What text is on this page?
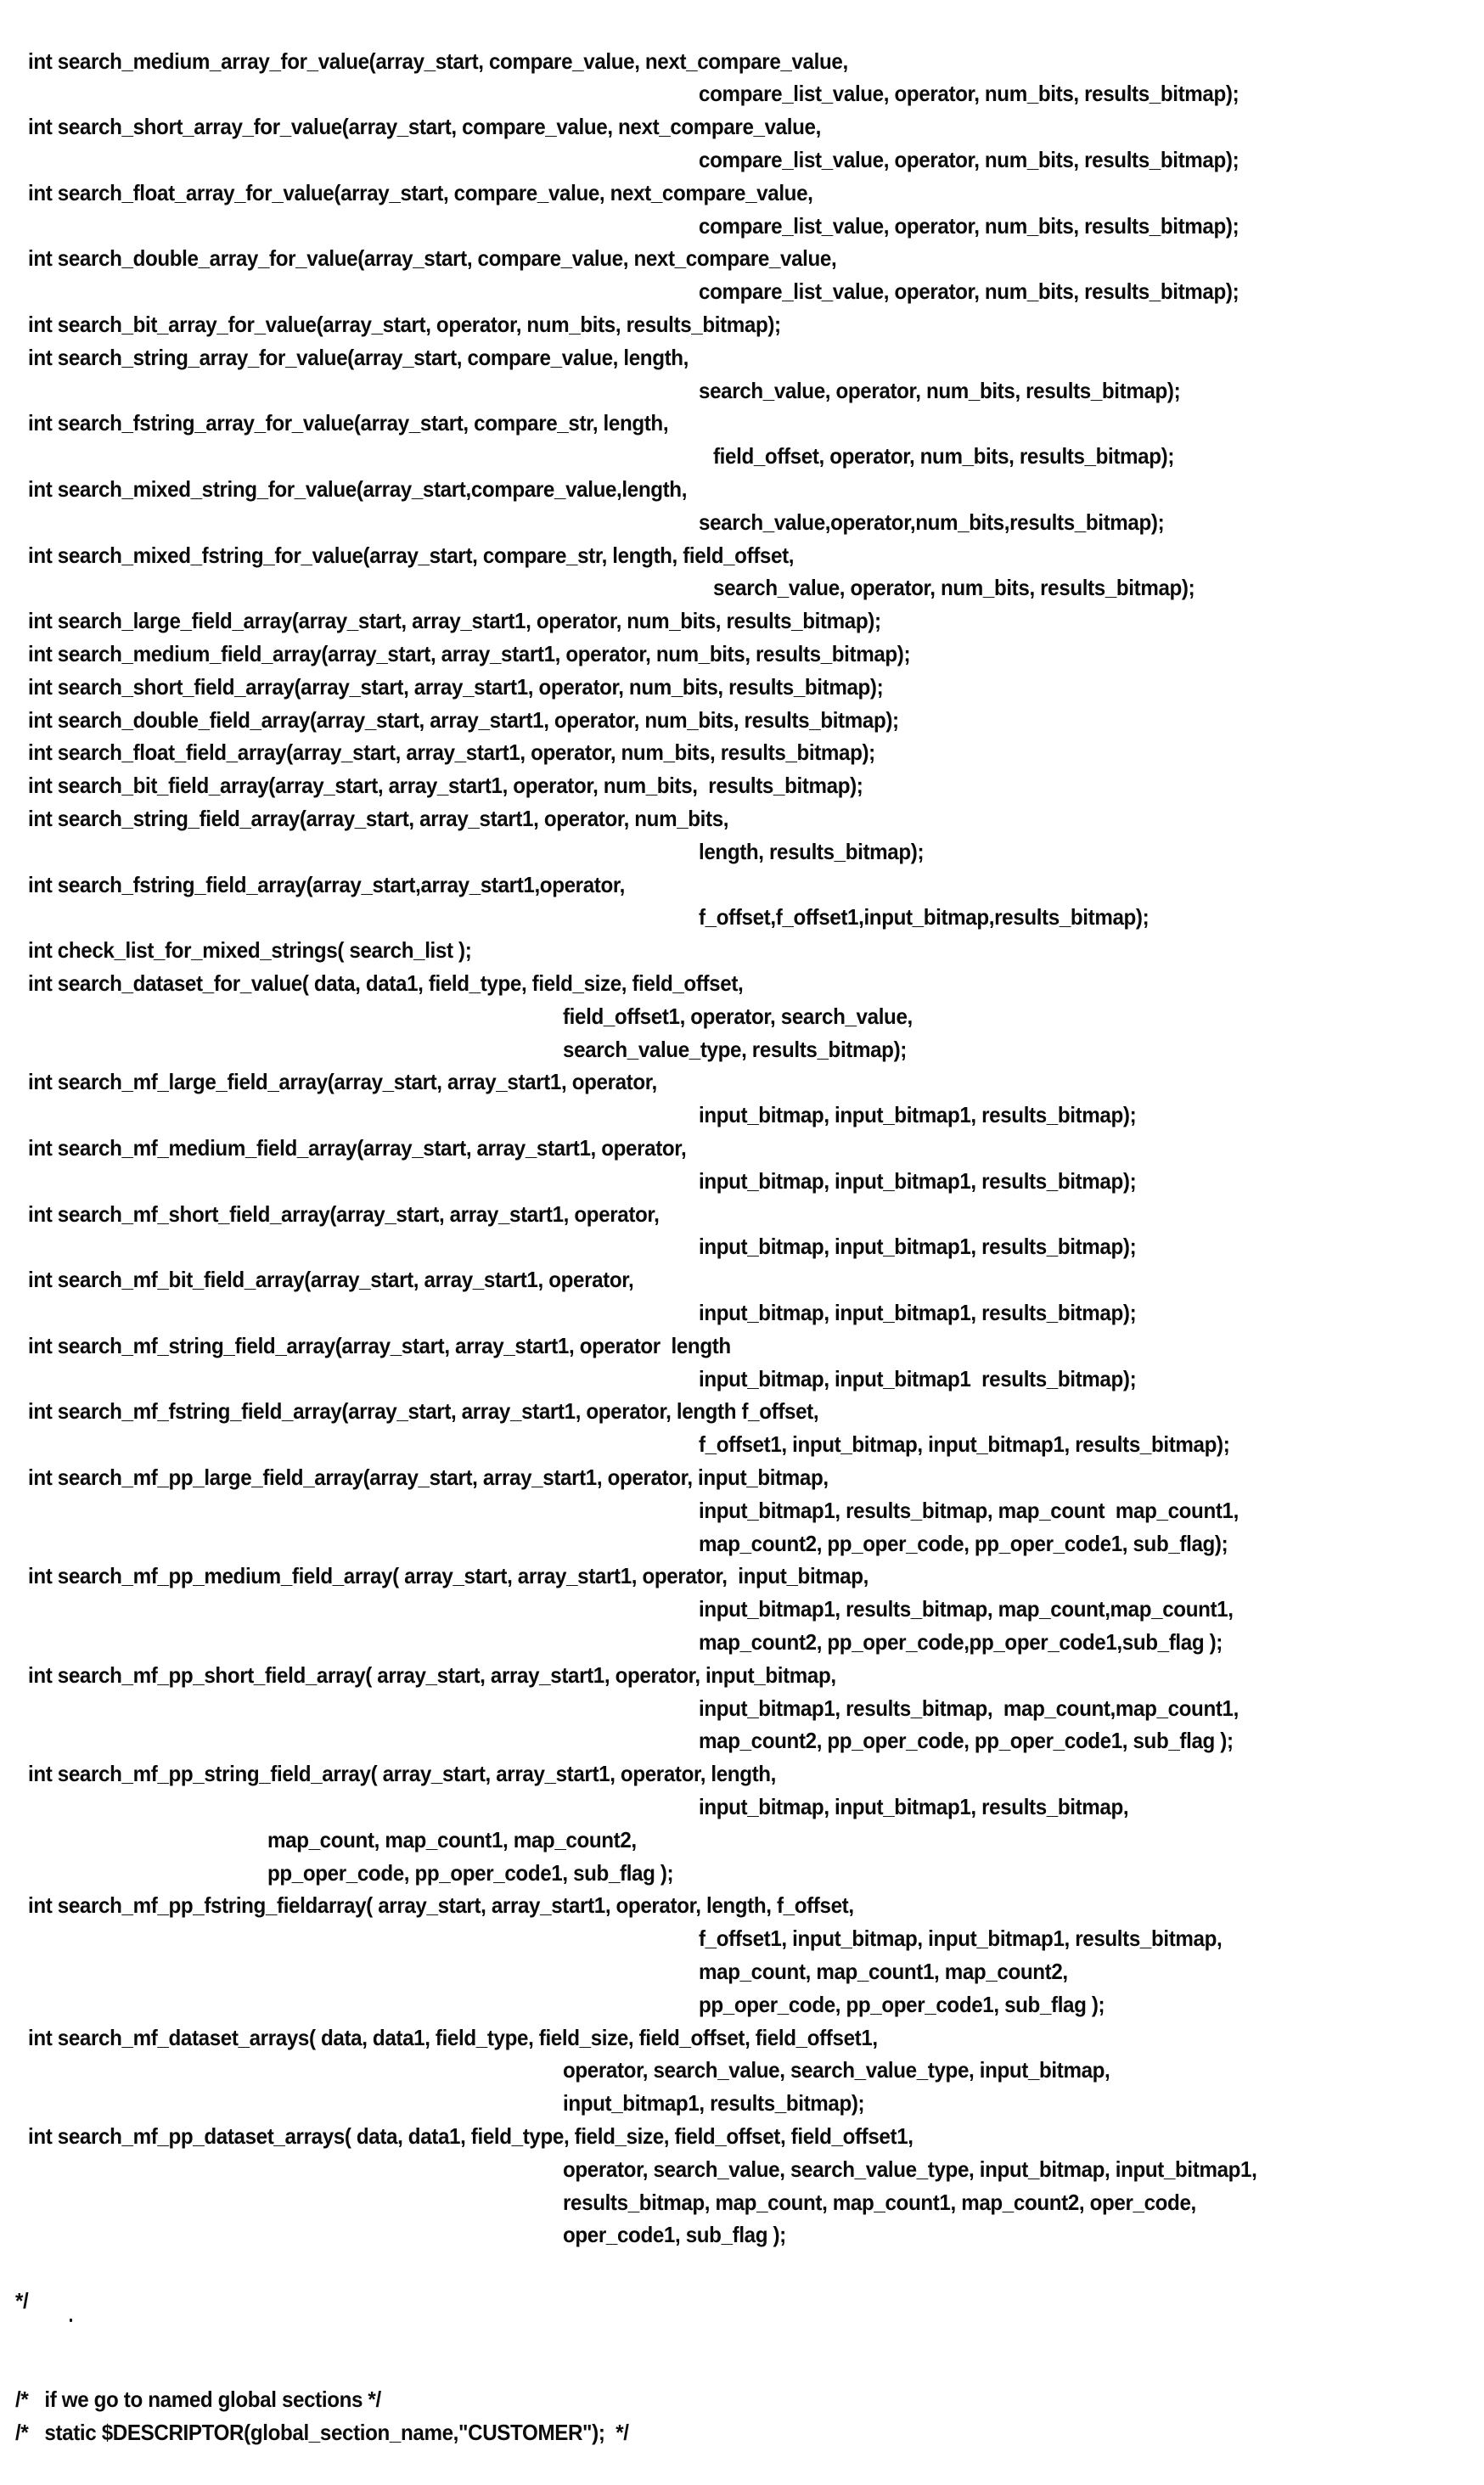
int search_medium_array_for_value(array_start, compare_value, next_compare_value,
compare_list_value, operator, num_bits, results_bitmap);
int search_short_array_for_value(array_start, compare_value, next_compare_value,
compare_list_value, operator, num_bits, results_bitmap);
int search_float_array_for_value(array_start, compare_value, next_compare_value,
compare_list_value, operator, num_bits, results_bitmap);
int search_double_array_for_value(array_start, compare_value, next_compare_value,
compare_list_value, operator, num_bits, results_bitmap);
int search_bit_array_for_value(array_start, operator, num_bits, results_bitmap);
int search_string_array_for_value(array_start, compare_value, length,
search_value, operator, num_bits, results_bitmap);
int search_fstring_array_for_value(array_start, compare_str, length,
field_offset, operator, num_bits, results_bitmap);
int search_mixed_string_for_value(array_start,compare_value,length,
search_value,operator,num_bits,results_bitmap);
int search_mixed_fstring_for_value(array_start, compare_str, length, field_offset,
search_value, operator, num_bits, results_bitmap);
int search_large_field_array(array_start, array_start1, operator, num_bits, results_bitmap);
int search_medium_field_array(array_start, array_start1, operator, num_bits, results_bitmap);
int search_short_field_array(array_start, array_start1, operator, num_bits, results_bitmap);
int search_double_field_array(array_start, array_start1, operator, num_bits, results_bitmap);
int search_float_field_array(array_start, array_start1, operator, num_bits, results_bitmap);
int search_bit_field_array(array_start, array_start1, operator, num_bits,  results_bitmap);
int search_string_field_array(array_start, array_start1, operator, num_bits,
length, results_bitmap);
int search_fstring_field_array(array_start,array_start1,operator,
f_offset,f_offset1,input_bitmap,results_bitmap);
int check_list_for_mixed_strings( search_list );
int search_dataset_for_value( data, data1, field_type, field_size, field_offset,
field_offset1, operator, search_value,
search_value_type, results_bitmap);
int search_mf_large_field_array(array_start, array_start1, operator,
input_bitmap, input_bitmap1, results_bitmap);
int search_mf_medium_field_array(array_start, array_start1, operator,
input_bitmap, input_bitmap1, results_bitmap);
int search_mf_short_field_array(array_start, array_start1, operator,
input_bitmap, input_bitmap1, results_bitmap);
int search_mf_bit_field_array(array_start, array_start1, operator,
input_bitmap, input_bitmap1, results_bitmap);
int search_mf_string_field_array(array_start, array_start1, operator  length
input_bitmap, input_bitmap1  results_bitmap);
int search_mf_fstring_field_array(array_start, array_start1, operator, length f_offset,
f_offset1, input_bitmap, input_bitmap1, results_bitmap);
int search_mf_pp_large_field_array(array_start, array_start1, operator, input_bitmap,
input_bitmap1, results_bitmap, map_count  map_count1,
map_count2, pp_oper_code, pp_oper_code1, sub_flag);
int search_mf_pp_medium_field_array( array_start, array_start1, operator,  input_bitmap,
input_bitmap1, results_bitmap, map_count,map_count1,
map_count2, pp_oper_code,pp_oper_code1,sub_flag );
int search_mf_pp_short_field_array( array_start, array_start1, operator, input_bitmap,
input_bitmap1, results_bitmap,  map_count,map_count1,
map_count2, pp_oper_code, pp_oper_code1, sub_flag );
int search_mf_pp_string_field_array( array_start, array_start1, operator, length,
input_bitmap, input_bitmap1, results_bitmap,
map_count, map_count1, map_count2,
pp_oper_code, pp_oper_code1, sub_flag );
int search_mf_pp_fstring_fieldarray( array_start, array_start1, operator, length, f_offset,
f_offset1, input_bitmap, input_bitmap1, results_bitmap,
map_count, map_count1, map_count2,
pp_oper_code, pp_oper_code1, sub_flag );
int search_mf_dataset_arrays( data, data1, field_type, field_size, field_offset, field_offset1,
operator, search_value, search_value_type, input_bitmap,
input_bitmap1, results_bitmap);
int search_mf_pp_dataset_arrays( data, data1, field_type, field_size, field_offset, field_offset1,
operator, search_value, search_value_type, input_bitmap, input_bitmap1,
results_bitmap, map_count, map_count1, map_count2, oper_code,
oper_code1, sub_flag );
*/
/*   if we go to named global sections */
/*   static $DESCRIPTOR(global_section_name,"CUSTOMER");  */
